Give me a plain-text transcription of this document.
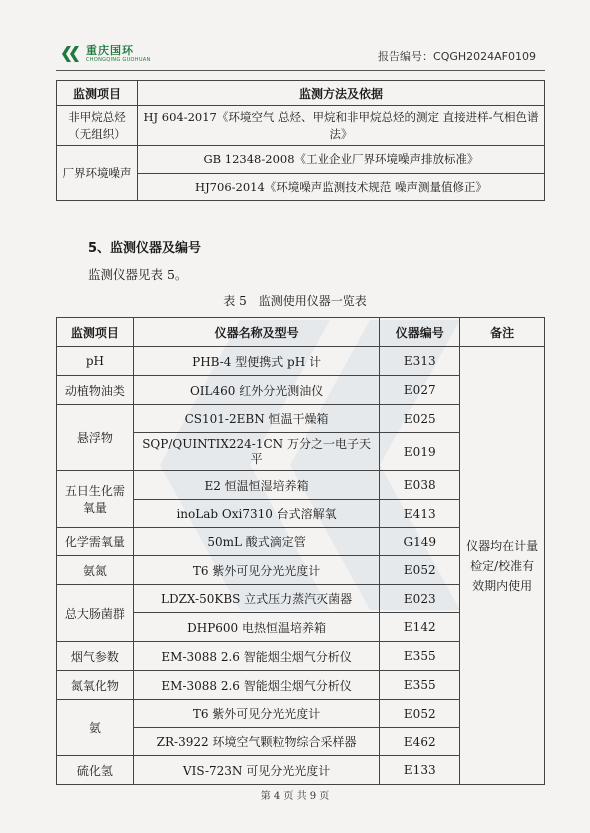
重庆国环
CHONGQING GUOHUAN	报告编号：CQGH2024AF0109
监测项目	监测方法及依据
非甲烷总烃（无组织）	HJ 604-2017《环境空气 总烃、甲烷和非甲烷总烃的测定 直接进样-气相色谱法》
厂界环境噪声	GB 12348-2008《工业企业厂界环境噪声排放标准》
	HJ706-2014《环境噪声监测技术规范 噪声测量值修正》
5、监测仪器及编号
监测仪器见表 5。
表 5　监测使用仪器一览表
监测项目	仪器名称及型号	仪器编号	备注
pH	PHB-4 型便携式 pH 计	E313	仪器均在计量检定/校准有效期内使用
动植物油类	OIL460 红外分光测油仪	E027	
悬浮物	CS101-2EBN 恒温干燥箱	E025	
	SQP/QUINTIX224-1CN 万分之一电子天平	E019	
五日生化需氧量	E2 恒温恒湿培养箱	E038	
	inoLab Oxi7310 台式溶解氧	E413	
化学需氧量	50mL 酸式滴定管	G149	
氨氮	T6 紫外可见分光光度计	E052	
总大肠菌群	LDZX-50KBS 立式压力蒸汽灭菌器	E023	
	DHP600 电热恒温培养箱	E142	
烟气参数	EM-3088 2.6 智能烟尘烟气分析仪	E355	
氮氧化物	EM-3088 2.6 智能烟尘烟气分析仪	E355	
氨	T6 紫外可见分光光度计	E052	
	ZR-3922 环境空气颗粒物综合采样器	E462	
硫化氢	VIS-723N 可见分光光度计	E133	
第 4 页 共 9 页
